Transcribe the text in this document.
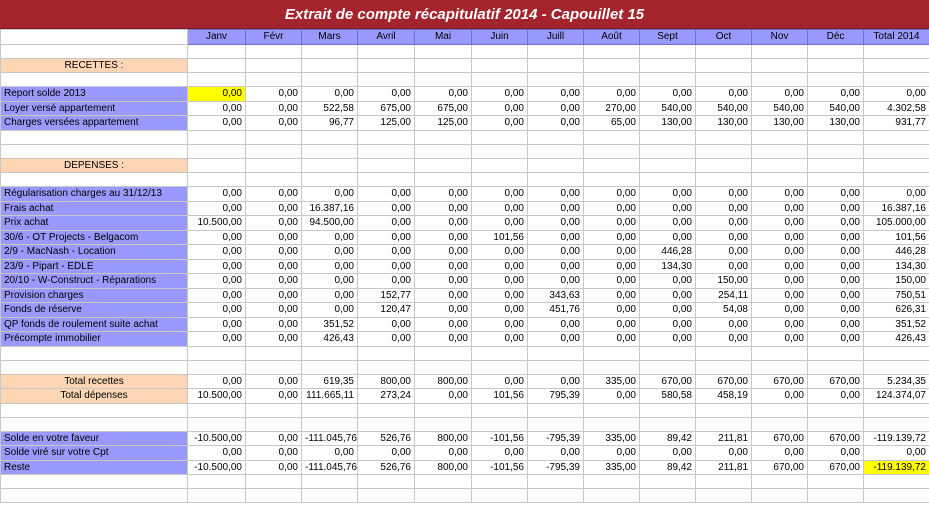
Extrait de compte récapitulatif 2014 - Capouillet 15
	Janv	Févr	Mars	Avril	Mai	Juin	Juill	Août	Sept	Oct	Nov	Déc	Total 2014

RECETTES :													

Report solde 2013	0,00	0,00	0,00	0,00	0,00	0,00	0,00	0,00	0,00	0,00	0,00	0,00	0,00
Loyer versé appartement	0,00	0,00	522,58	675,00	675,00	0,00	0,00	270,00	540,00	540,00	540,00	540,00	4.302,58
Charges versées appartement	0,00	0,00	96,77	125,00	125,00	0,00	0,00	65,00	130,00	130,00	130,00	130,00	931,77

DEPENSES :													

Régularisation charges au 31/12/13	0,00	0,00	0,00	0,00	0,00	0,00	0,00	0,00	0,00	0,00	0,00	0,00	0,00
Frais achat	0,00	0,00	16.387,16	0,00	0,00	0,00	0,00	0,00	0,00	0,00	0,00	0,00	16.387,16
Prix achat	10.500,00	0,00	94.500,00	0,00	0,00	0,00	0,00	0,00	0,00	0,00	0,00	0,00	105.000,00
30/6 - OT Projects - Belgacom	0,00	0,00	0,00	0,00	0,00	101,56	0,00	0,00	0,00	0,00	0,00	0,00	101,56
2/9 - MacNash - Location	0,00	0,00	0,00	0,00	0,00	0,00	0,00	0,00	446,28	0,00	0,00	0,00	446,28
23/9 - Pipart - EDLE	0,00	0,00	0,00	0,00	0,00	0,00	0,00	0,00	134,30	0,00	0,00	0,00	134,30
20/10 - W-Construct - Réparations	0,00	0,00	0,00	0,00	0,00	0,00	0,00	0,00	0,00	150,00	0,00	0,00	150,00
Provision charges	0,00	0,00	0,00	152,77	0,00	0,00	343,63	0,00	0,00	254,11	0,00	0,00	750,51
Fonds de réserve	0,00	0,00	0,00	120,47	0,00	0,00	451,76	0,00	0,00	54,08	0,00	0,00	626,31
QP fonds de roulement suite achat	0,00	0,00	351,52	0,00	0,00	0,00	0,00	0,00	0,00	0,00	0,00	0,00	351,52
Précompte immobilier	0,00	0,00	426,43	0,00	0,00	0,00	0,00	0,00	0,00	0,00	0,00	0,00	426,43

Total recettes	0,00	0,00	619,35	800,00	800,00	0,00	0,00	335,00	670,00	670,00	670,00	670,00	5.234,35
Total dépenses	10.500,00	0,00	111.665,11	273,24	0,00	101,56	795,39	0,00	580,58	458,19	0,00	0,00	124.374,07

Solde en votre faveur	-10.500,00	0,00	-111.045,76	526,76	800,00	-101,56	-795,39	335,00	89,42	211,81	670,00	670,00	-119.139,72
Solde viré sur votre Cpt	0,00	0,00	0,00	0,00	0,00	0,00	0,00	0,00	0,00	0,00	0,00	0,00	0,00
Reste	-10.500,00	0,00	-111.045,76	526,76	800,00	-101,56	-795,39	335,00	89,42	211,81	670,00	670,00	-119.139,72
